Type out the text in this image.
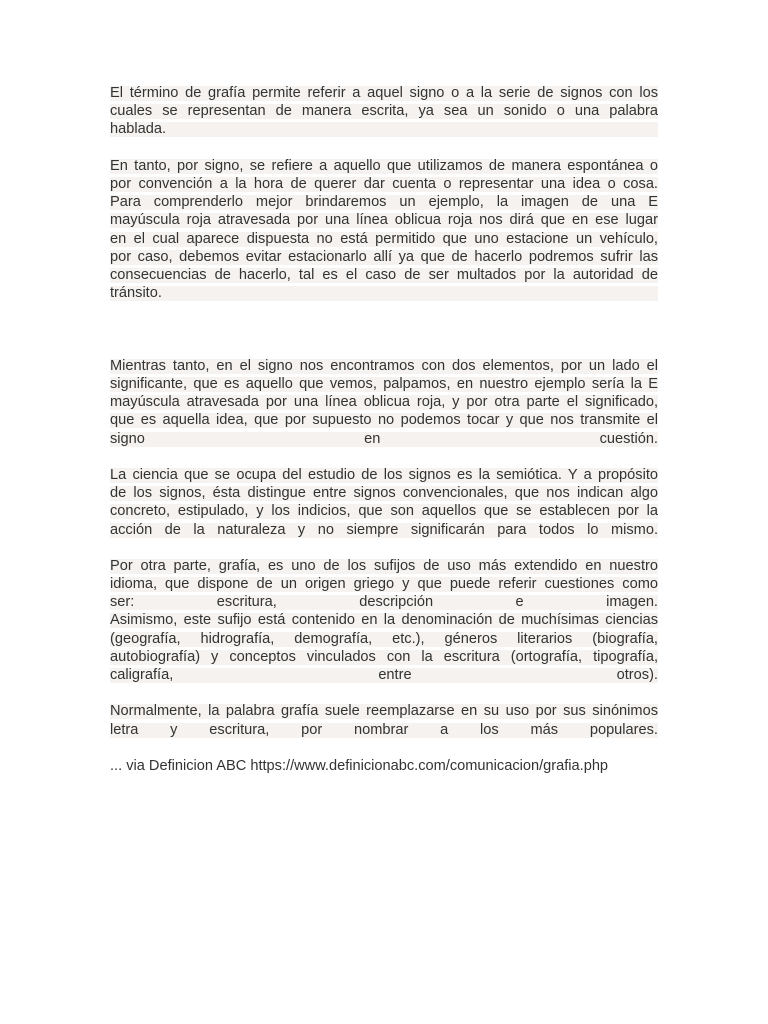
El término de grafía permite referir a aquel signo o a la serie de signos con los
cuales se representan de manera escrita, ya sea un sonido o una palabra
hablada.
En tanto, por signo, se refiere a aquello que utilizamos de manera espontánea o
por convención a la hora de querer dar cuenta o representar una idea o cosa.
Para comprenderlo mejor brindaremos un ejemplo, la imagen de una E
mayúscula roja atravesada por una línea oblicua roja nos dirá que en ese lugar
en el cual aparece dispuesta no está permitido que uno estacione un vehículo,
por caso, debemos evitar estacionarlo allí ya que de hacerlo podremos sufrir las
consecuencias de hacerlo, tal es el caso de ser multados por la autoridad de
tránsito.
Mientras tanto, en el signo nos encontramos con dos elementos, por un lado el
significante, que es aquello que vemos, palpamos, en nuestro ejemplo sería la E
mayúscula atravesada por una línea oblicua roja, y por otra parte el significado,
que es aquella idea, que por supuesto no podemos tocar y que nos transmite el
signo en cuestión.
La ciencia que se ocupa del estudio de los signos es la semiótica. Y a propósito
de los signos, ésta distingue entre signos convencionales, que nos indican algo
concreto, estipulado, y los indicios, que son aquellos que se establecen por la
acción de la naturaleza y no siempre significarán para todos lo mismo.
Por otra parte, grafía, es uno de los sufijos de uso más extendido en nuestro
idioma, que dispone de un origen griego y que puede referir cuestiones como
ser: escritura, descripción e imagen.
Asimismo, este sufijo está contenido en la denominación de muchísimas ciencias
(geografía, hidrografía, demografía, etc.), géneros literarios (biografía,
autobiografía) y conceptos vinculados con la escritura (ortografía, tipografía,
caligrafía, entre otros).
Normalmente, la palabra grafía suele reemplazarse en su uso por sus sinónimos
letra y escritura, por nombrar a los más populares.
... via Definicion ABC https://www.definicionabc.com/comunicacion/grafia.php
